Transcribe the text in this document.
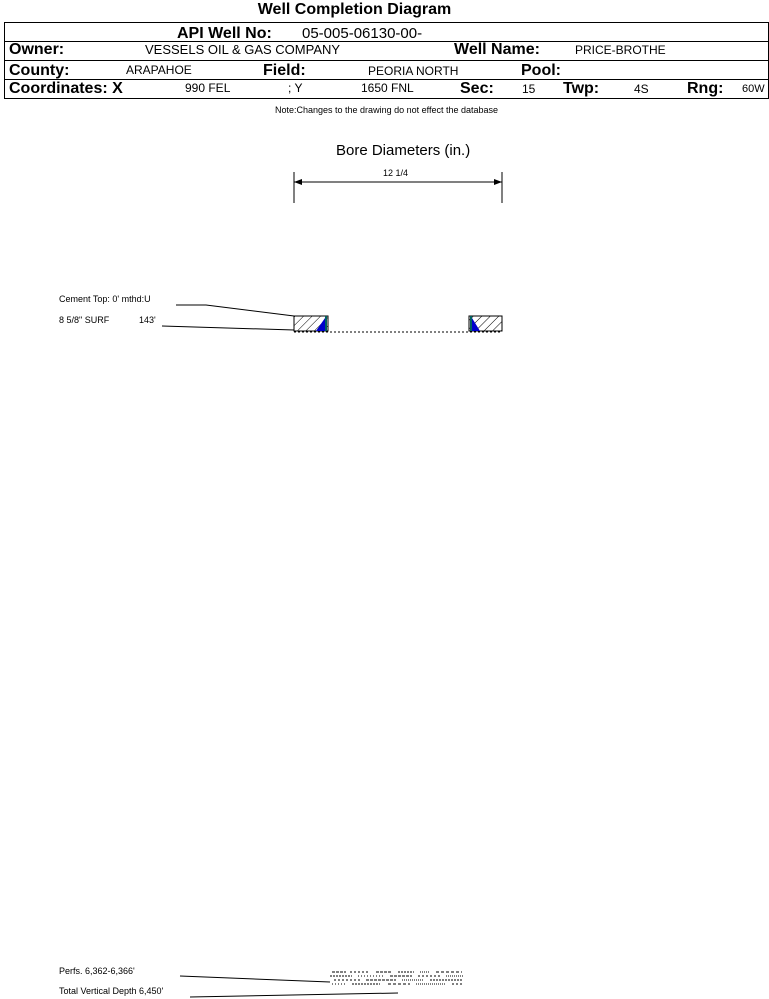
Well Completion Diagram
API Well No: 05-005-06130-00-
Owner:	VESSELS OIL & GAS COMPANY	Well Name:	PRICE-BROTHE
County:	ARAPAHOE	Field:	PEORIA NORTH	Pool:
Coordinates: X	990 FEL	; Y	1650 FNL	Sec: 15 Twp:	4S Rng: 60W
Note:Changes to the drawing do not effect the database
Bore Diameters (in.)
12 1/4
Cement Top: 0' mthd:U
8 5/8" SURF	143'
Perfs. 6,362-6,366'
Total Vertical Depth 6,450'
